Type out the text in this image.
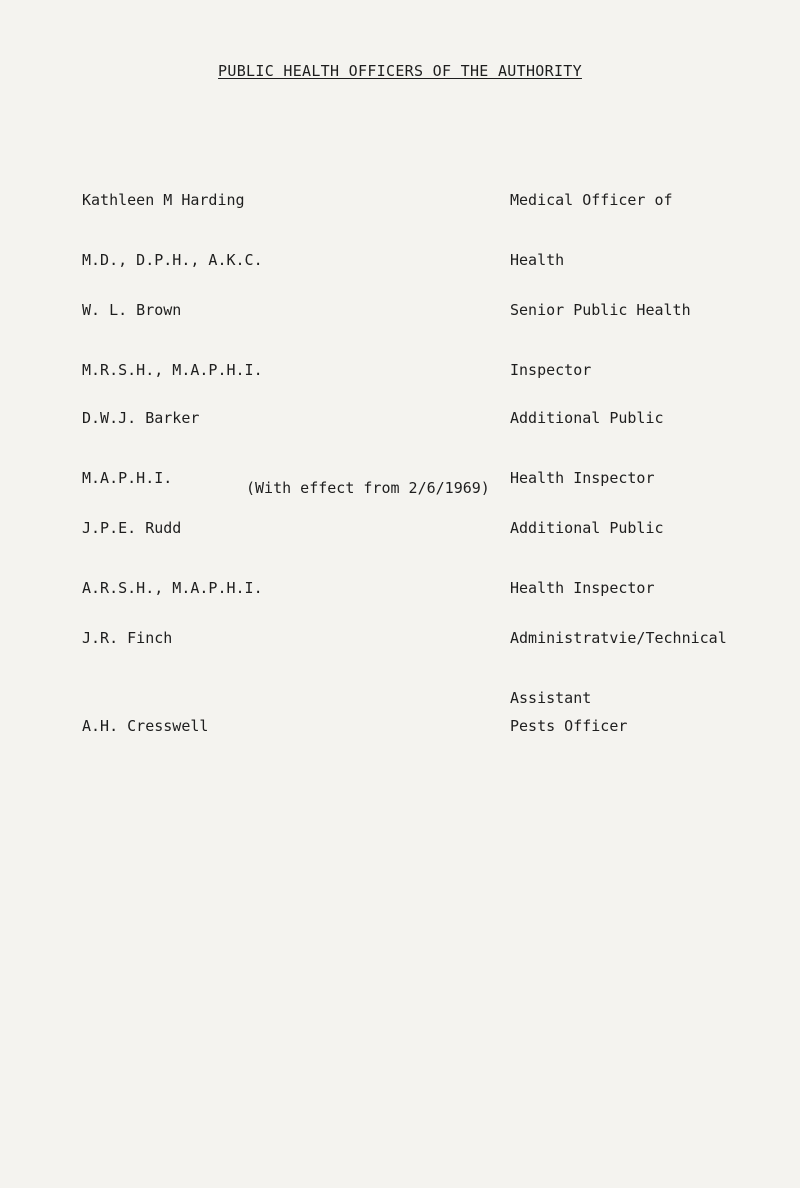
PUBLIC HEALTH OFFICERS OF THE AUTHORITY

Kathleen M Harding

M.D., D.P.H., A.K.C.

Medical Officer of

Health

W. L. Brown

M.R.S.H., M.A.P.H.I.

Senior Public Health

Inspector

D.W.J. Barker

M.A.P.H.I.

Additional Public

Health Inspector

J.P.E. Rudd

A.R.S.H., M.A.P.H.I.

(With effect from 2/6/1969)

Additional Public

Health Inspector

J.R. Finch

	Administratvie/Technical

Assistant

A.H. Cresswell

	Pests Officer
